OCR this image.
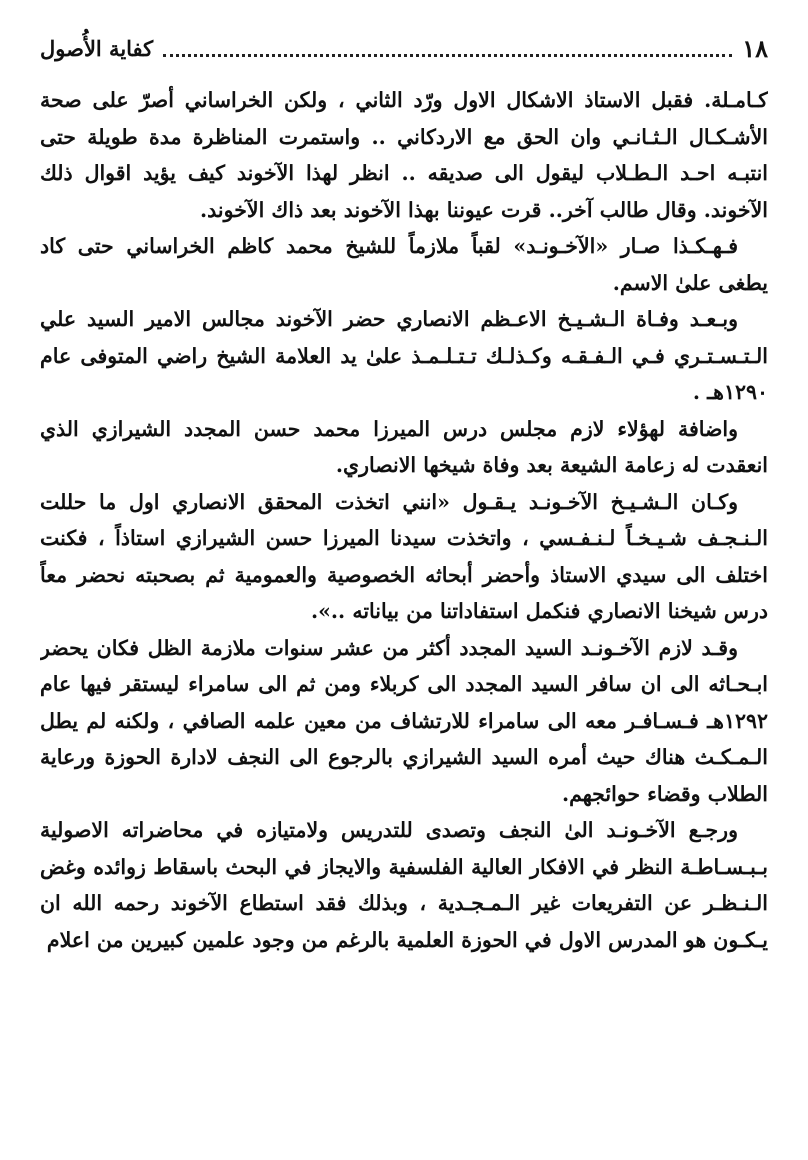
١٨
كفاية الأُصول

كـامـلة. فقبل الاستاذ الاشكال الاول ورّد الثاني ، ولكن الخراساني أصرّ على صحة الأشـكـال الـثـانـي وان الحق مع الاردكاني .. واستمرت المناظرة مدة طويلة حتى انتبـه احـد الـطـلاب ليقول الى صديقه .. انظر لهذا الآخوند كيف يؤيد اقوال ذلك الآخوند. وقال طالب آخر.. قرت عيوننا بهذا الآخوند بعد ذاك الآخوند.

فـهـكـذا صـار «الآخـونـد» لقباً ملازماً للشيخ محمد كاظم الخراساني حتى كاد يطغى علىٰ الاسم.

وبـعـد وفـاة الـشـيـخ الاعـظم الانصاري حضر الآخوند مجالس الامير السيد علي الـتـسـتـري فـي الـفـقـه وكـذلـك تـتـلـمـذ علىٰ يد العلامة الشيخ راضي المتوفى عام ١٢٩٠هـ .

واضافة لهؤلاء لازم مجلس درس الميرزا محمد حسن المجدد الشيرازي الذي انعقدت له زعامة الشيعة بعد وفاة شيخها الانصاري.

وكـان الـشـيـخ الآخـونـد يـقـول «انني اتخذت المحقق الانصاري اول ما حللت الـنـجـف شـيـخـاً لـنـفـسي ، واتخذت سيدنا الميرزا حسن الشيرازي استاذاً ، فكنت اختلف الى سيدي الاستاذ وأحضر أبحاثه الخصوصية والعمومية ثم بصحبته نحضر معاً درس شيخنا الانصاري فنكمل استفاداتنا من بياناته ..».

وقـد لازم الآخـونـد السيد المجدد أكثر من عشر سنوات ملازمة الظل فكان يحضر ابـحـاثه الى ان سافر السيد المجدد الى كربلاء ومن ثم الى سامراء ليستقر فيها عام ١٢٩٢هـ فـسـافـر معه الى سامراء للارتشاف من معين علمه الصافي ، ولكنه لم يطل الـمـكـث هناك حيث أمره السيد الشيرازي بالرجوع الى النجف لادارة الحوزة ورعاية الطلاب وقضاء حوائجهم.

ورجـع الآخـونـد الىٰ النجف وتصدى للتدريس ولامتيازه في محاضراته الاصولية بـبـسـاطـة النظر في الافكار العالية الفلسفية والايجاز في البحث باسقاط زوائده وغض الـنـظـر عن التفريعات غير الـمـجـدية ، وبذلك فقد استطاع الآخوند رحمه الله ان يـكـون هو المدرس الاول في الحوزة العلمية بالرغم من وجود علمين كبيرين من اعلام
